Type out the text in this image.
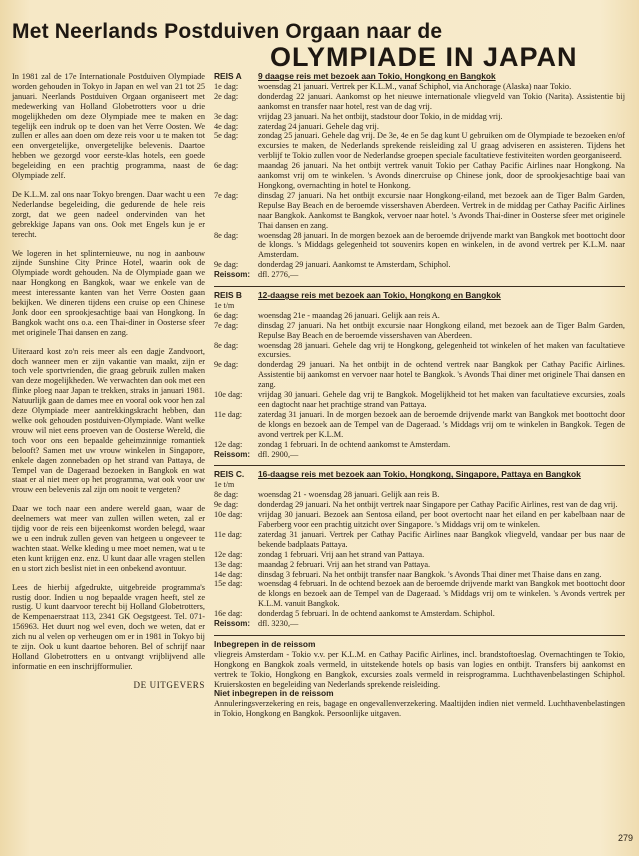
Met Neerlands Postduiven Orgaan naar de
OLYMPIADE IN JAPAN

In 1981 zal de 17e Internationale Postduiven Olympiade worden gehouden in Tokyo in Japan en wel van 21 tot 25 januari. Neerlands Postduiven Orgaan organiseert met medewerking van Holland Globetrotters voor u drie mogelijkheden om deze Olympiade mee te maken en tegelijk een indruk op te doen van het Verre Oosten. We zullen er alles aan doen om deze reis voor u te maken tot een onvergetelijke, onvergetelijke belevenis. Daartoe hebben we gezorgd voor eerste-klas hotels, een goede begeleiding en een prachtig programma, naast de Olympiade zelf.

De K.L.M. zal ons naar Tokyo brengen. Daar wacht u een Nederlandse begeleiding, die gedurende de hele reis zorgt, dat we geen nadeel ondervinden van het gebrekkige Japans van ons. Ook met Engels kun je er terecht.

We logeren in het splinternieuwe, nu nog in aanbouw zijnde Sunshine City Prince Hotel, waarin ook de Olympiade wordt gehouden. Na de Olympiade gaan we naar Hongkong en Bangkok, waar we enkele van de meest interessante kanten van het Verre Oosten gaan bekijken. We dineren tijdens een cruise op een Chinese Jonk door een sprookjesachtige baai van Hongkong. In Bangkok wacht ons o.a. een Thai-diner in Oosterse sfeer met originele Thai dansen en zang.

Uiteraard kost zo'n reis meer als een dagje Zandvoort, doch wanneer men er zijn vakantie van maakt, zijn er toch vele sportvrienden, die graag gebruik zullen maken van deze mogelijkheden. We verwachten dan ook met een flinke ploeg naar Japan te trekken, straks in januari 1981. Natuurlijk gaan de dames mee en vooral ook voor hen zal deze Olympiade meer aantrekkingskracht hebben, dan welke ook gehouden postduiven-Olympiade. Want welke vrouw wil niet eens proeven van de Oosterse Wereld, die toch voor ons een bepaalde geheimzinnige romantiek belooft? Samen met uw vrouw winkelen in Singapore, enkele dagen zonnebaden op het strand van Pattaya, de Tempel van de Dageraad bezoeken in Bangkok en wat staat er al niet meer op het programma, wat ook voor uw vrouw een belevenis zal zijn om nooit te vergeten?

Daar we toch naar een andere wereld gaan, waar de deelnemers wat meer van zullen willen weten, zal er tijdig voor de reis een bijeenkomst worden belegd, waar we u een indruk zullen geven van hetgeen u ongeveer te wachten staat. Welke kleding u mee moet nemen, wat u te eten kunt krijgen enz. enz. U kunt daar alle vragen stellen en u stort zich beslist niet in een onbekend avontuur.

Lees de hierbij afgedrukte, uitgebreide programma's rustig door. Indien u nog bepaalde vragen heeft, stel ze rustig. U kunt daarvoor terecht bij Holland Globetrotters, de Kempenaerstraat 113, 2341 GK Oegstgeest. Tel. 071-156963. Het duurt nog wel even, doch we weten, dat er zich nu al velen op verheugen om er in 1981 in Tokyo bij te zijn. Ook u kunt daartoe behoren. Bel of schrijf naar Holland Globetrotters en u ontvangt vrijblijvend alle informatie en een inschrijfformulier.

DE UITGEVERS
REIS A	9 daagse reis met bezoek aan Tokio, Hongkong en Bangkok
1e dag:	woensdag 21 januari. Vertrek per K.L.M., vanaf Schiphol, via Anchorage (Alaska) naar Tokio.
2e dag:	donderdag 22 januari. Aankomst op het nieuwe internationale vliegveld van Tokio (Narita). Assistentie bij aankomst en transfer naar hotel, rest van de dag vrij.
3e dag:	vrijdag 23 januari. Na het ontbijt, stadstour door Tokio, in de middag vrij.
4e dag:	zaterdag 24 januari. Gehele dag vrij.
5e dag:	zondag 25 januari. Gehele dag vrij. De 3e, 4e en 5e dag kunt U gebruiken om de Olympiade te bezoeken en/of excursies te maken, de Nederlands sprekende reisleiding zal U graag adviseren en assisteren. Tijdens het verblijf te Tokio zullen voor de Nederlandse groepen speciale facultatieve festiviteiten worden georganiseerd.
6e dag:	maandag 26 januari. Na het ontbijt vertrek vanuit Tokio per Cathay Pacific Airlines naar Hongkong. Na aankomst vrij om te winkelen. 's Avonds dinercruise op Chinese jonk, door de sprookjesachtige baai van Hongkong, overnachting in hotel te Honkong.
7e dag:	dinsdag 27 januari. Na het ontbijt excursie naar Hongkong-eiland, met bezoek aan de Tiger Balm Garden, Repulse Bay Beach en de beroemde vissershaven Aberdeen. Vertrek in de middag per Cathay Pacific Airlines naar Bangkok. Aankomst te Bangkok, vervoer naar hotel. 's Avonds Thai-diner in Oosterse sfeer met originele Thai dansen en zang.
8e dag:	woensdag 28 januari. In de morgen bezoek aan de beroemde drijvende markt van Bangkok met boottocht door de klongs. 's Middags gelegenheid tot souvenirs kopen en winkelen, in de avond vertrek per K.L.M. naar Amsterdam.
9e dag:	donderdag 29 januari. Aankomst te Amsterdam, Schiphol.
Reissom: dfl. 2776,—
REIS B	12-daagse reis met bezoek aan Tokio, Hongkong en Bangkok
1e t/m
6e dag:	woensdag 21e - maandag 26 januari. Gelijk aan reis A.
7e dag:	dinsdag 27 januari. Na het ontbijt excursie naar Hongkong eiland, met bezoek aan de Tiger Balm Garden, Repulse Bay Beach en de beroemde vissershaven van Aberdeen.
8e dag:	woensdag 28 januari. Gehele dag vrij te Hongkong, gelegenheid tot winkelen of het maken van facultatieve excursies.
9e dag:	donderdag 29 januari. Na het ontbijt in de ochtend vertrek naar Bangkok per Cathay Pacific Airlines. Assistentie bij aankomst en vervoer naar hotel te Bangkok. 's Avonds Thai diner met originele Thai dansen en zang.
10e dag:	vrijdag 30 januari. Gehele dag vrij te Bangkok. Mogelijkheid tot het maken van facultatieve excursies, zoals een dagtocht naar het prachtige strand van Pattaya.
11e dag:	zaterdag 31 januari. In de morgen bezoek aan de beroemde drijvende markt van Bangkok met boottocht door de klongs en bezoek aan de Tempel van de Dageraad. 's Middags vrij om te winkelen in Bangkok. Tegen de avond vertrek per K.L.M.
12e dag:	zondag 1 februari. In de ochtend aankomst te Amsterdam.
Reissom: dfl. 2900,—
REIS C.	16-daagse reis met bezoek aan Tokio, Hongkong, Singapore, Pattaya en Bangkok
1e t/m
8e dag:	woensdag 21 - woensdag 28 januari. Gelijk aan reis B.
9e dag:	donderdag 29 januari. Na het ontbijt vertrek naar Singapore per Cathay Pacific Airlines, rest van de dag vrij.
10e dag:	vrijdag 30 januari. Bezoek aan Sentosa eiland, per boot overtocht naar het eiland en per kabelbaan naar de Faberberg voor een prachtig uitzicht over Singapore. 's Middags vrij om te winkelen.
11e dag:	zaterdag 31 januari. Vertrek per Cathay Pacific Airlines naar Bangkok vliegveld, vandaar per bus naar de bekende badplaats Pattaya.
12e dag:	zondag 1 februari. Vrij aan het strand van Pattaya.
13e dag:	maandag 2 februari. Vrij aan het strand van Pattaya.
14e dag:	dinsdag 3 februari. Na het ontbijt transfer naar Bangkok. 's Avonds Thai diner met Thaise dans en zang.
15e dag:	woensdag 4 februari. In de ochtend bezoek aan de beroemde drijvende markt van Bangkok met boottocht door de klongs en bezoek aan de Tempel van de Dageraad. 's Middags vrij om te winkelen. 's Avonds vertrek per K.L.M. vanuit Bangkok.
16e dag:	donderdag 5 februari. In de ochtend aankomst te Amsterdam. Schiphol.
Reissom: dfl. 3230,—
Inbegrepen in de reissom
vliegreis Amsterdam - Tokio v.v. per K.L.M. en Cathay Pacific Airlines, incl. brandstoftoeslag. Overnachtingen te Tokio, Hongkong en Bangkok zoals vermeld, in uitstekende hotels op basis van logies en ontbijt. Transfers bij aankomst en vertrek te Tokio, Hongkong en Bangkok, excursies zoals vermeld in reisprogramma. Luchthavenbelastingen Schiphol. Kruierskosten en begeleiding van Nederlands sprekende reisleiding.
Niet inbegrepen in de reissom
Annuleringsverzekering en reis, bagage en ongevallenverzekering. Maaltijden indien niet vermeld. Luchthavenbelastingen in Tokio, Hongkong en Bangkok. Persoonlijke uitgaven.
279
